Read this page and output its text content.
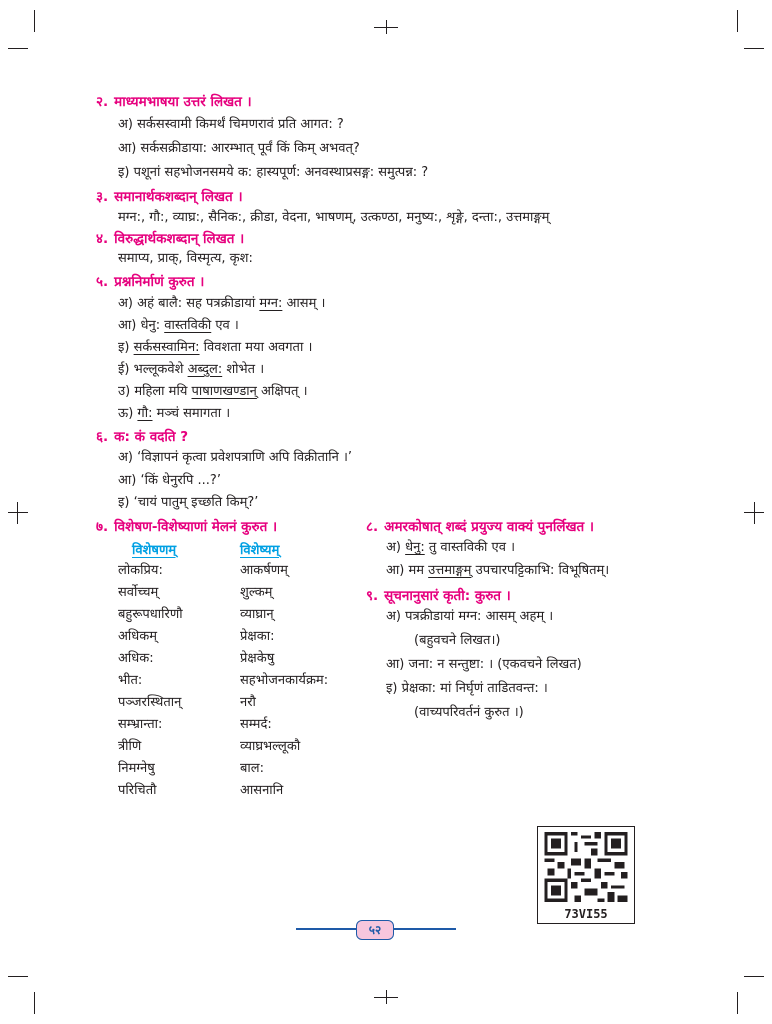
२. माध्यमभाषया उत्तरं लिखत ।
अ) सर्कसस्वामी किमर्थं चिमणरावं प्रति आगत: ?
आ) सर्कसक्रीडाया: आरम्भात् पूर्वं किं किम् अभवत्?
इ) पशूनां सहभोजनसमये क: हास्यपूर्ण: अनवस्थाप्रसङ्ग: समुत्पन्न: ?
३. समानार्थकशब्दान् लिखत ।
मग्न:, गौ:, व्याघ्र:, सैनिक:, क्रीडा, वेदना, भाषणम्, उत्कण्ठा, मनुष्य:, शृङ्गे, दन्ता:, उत्तमाङ्गम्
४. विरुद्धार्थकशब्दान् लिखत ।
समाप्य, प्राक्, विस्मृत्य, कृश:
५. प्रश्ननिर्माणं कुरुत ।
अ) अहं बालै: सह पत्रक्रीडायां मग्न: आसम् ।
आ) धेनु: वास्तविकी एव ।
इ) सर्कसस्वामिन: विवशता मया अवगता ।
ई) भल्लूकवेशे अब्दुल: शोभेत ।
उ) महिला मयि पाषाणखण्डान् अक्षिपत् ।
ऊ) गौ: मञ्चं समागता ।
६. क: कं वदति ?
अ) ‘विज्ञापनं कृत्वा प्रवेशपत्राणि अपि विक्रीतानि ।’
आ) ‘किं धेनुरपि ...?’
इ) ‘चायं पातुम् इच्छति किम्?’
७. विशेषण-विशेष्याणां मेलनं कुरुत ।
विशेषणम्	विशेष्यम्
लोकप्रिय:
सर्वोच्चम्
बहुरूपधारिणौ
अधिकम्
अधिक:
भीत:
पञ्जरस्थितान्
सम्भ्रान्ता:
त्रीणि
निमग्नेषु
परिचितौ
आकर्षणम्
शुल्कम्
व्याघ्रान्
प्रेक्षका:
प्रेक्षकेषु
सहभोजनकार्यक्रम:
नरौ
सम्मर्द:
व्याघ्रभल्लूकौ
बाल:
आसनानि
८. अमरकोषात् शब्दं प्रयुज्य वाक्यं पुनर्लिखत ।
अ) धेनु: तु वास्तविकी एव ।
आ) मम उत्तमाङ्गम् उपचारपट्टिकाभि: विभूषितम्।
९. सूचनानुसारं कृती: कुरुत ।
अ) पत्रक्रीडायां मग्न: आसम् अहम् ।
(बहुवचने लिखत।)
आ) जना: न सन्तुष्टा: । (एकवचने लिखत)
इ) प्रेक्षका: मां निर्घृणं ताडितवन्त: ।
(वाच्यपरिवर्तनं कुरुत ।)
73VI55
५२
